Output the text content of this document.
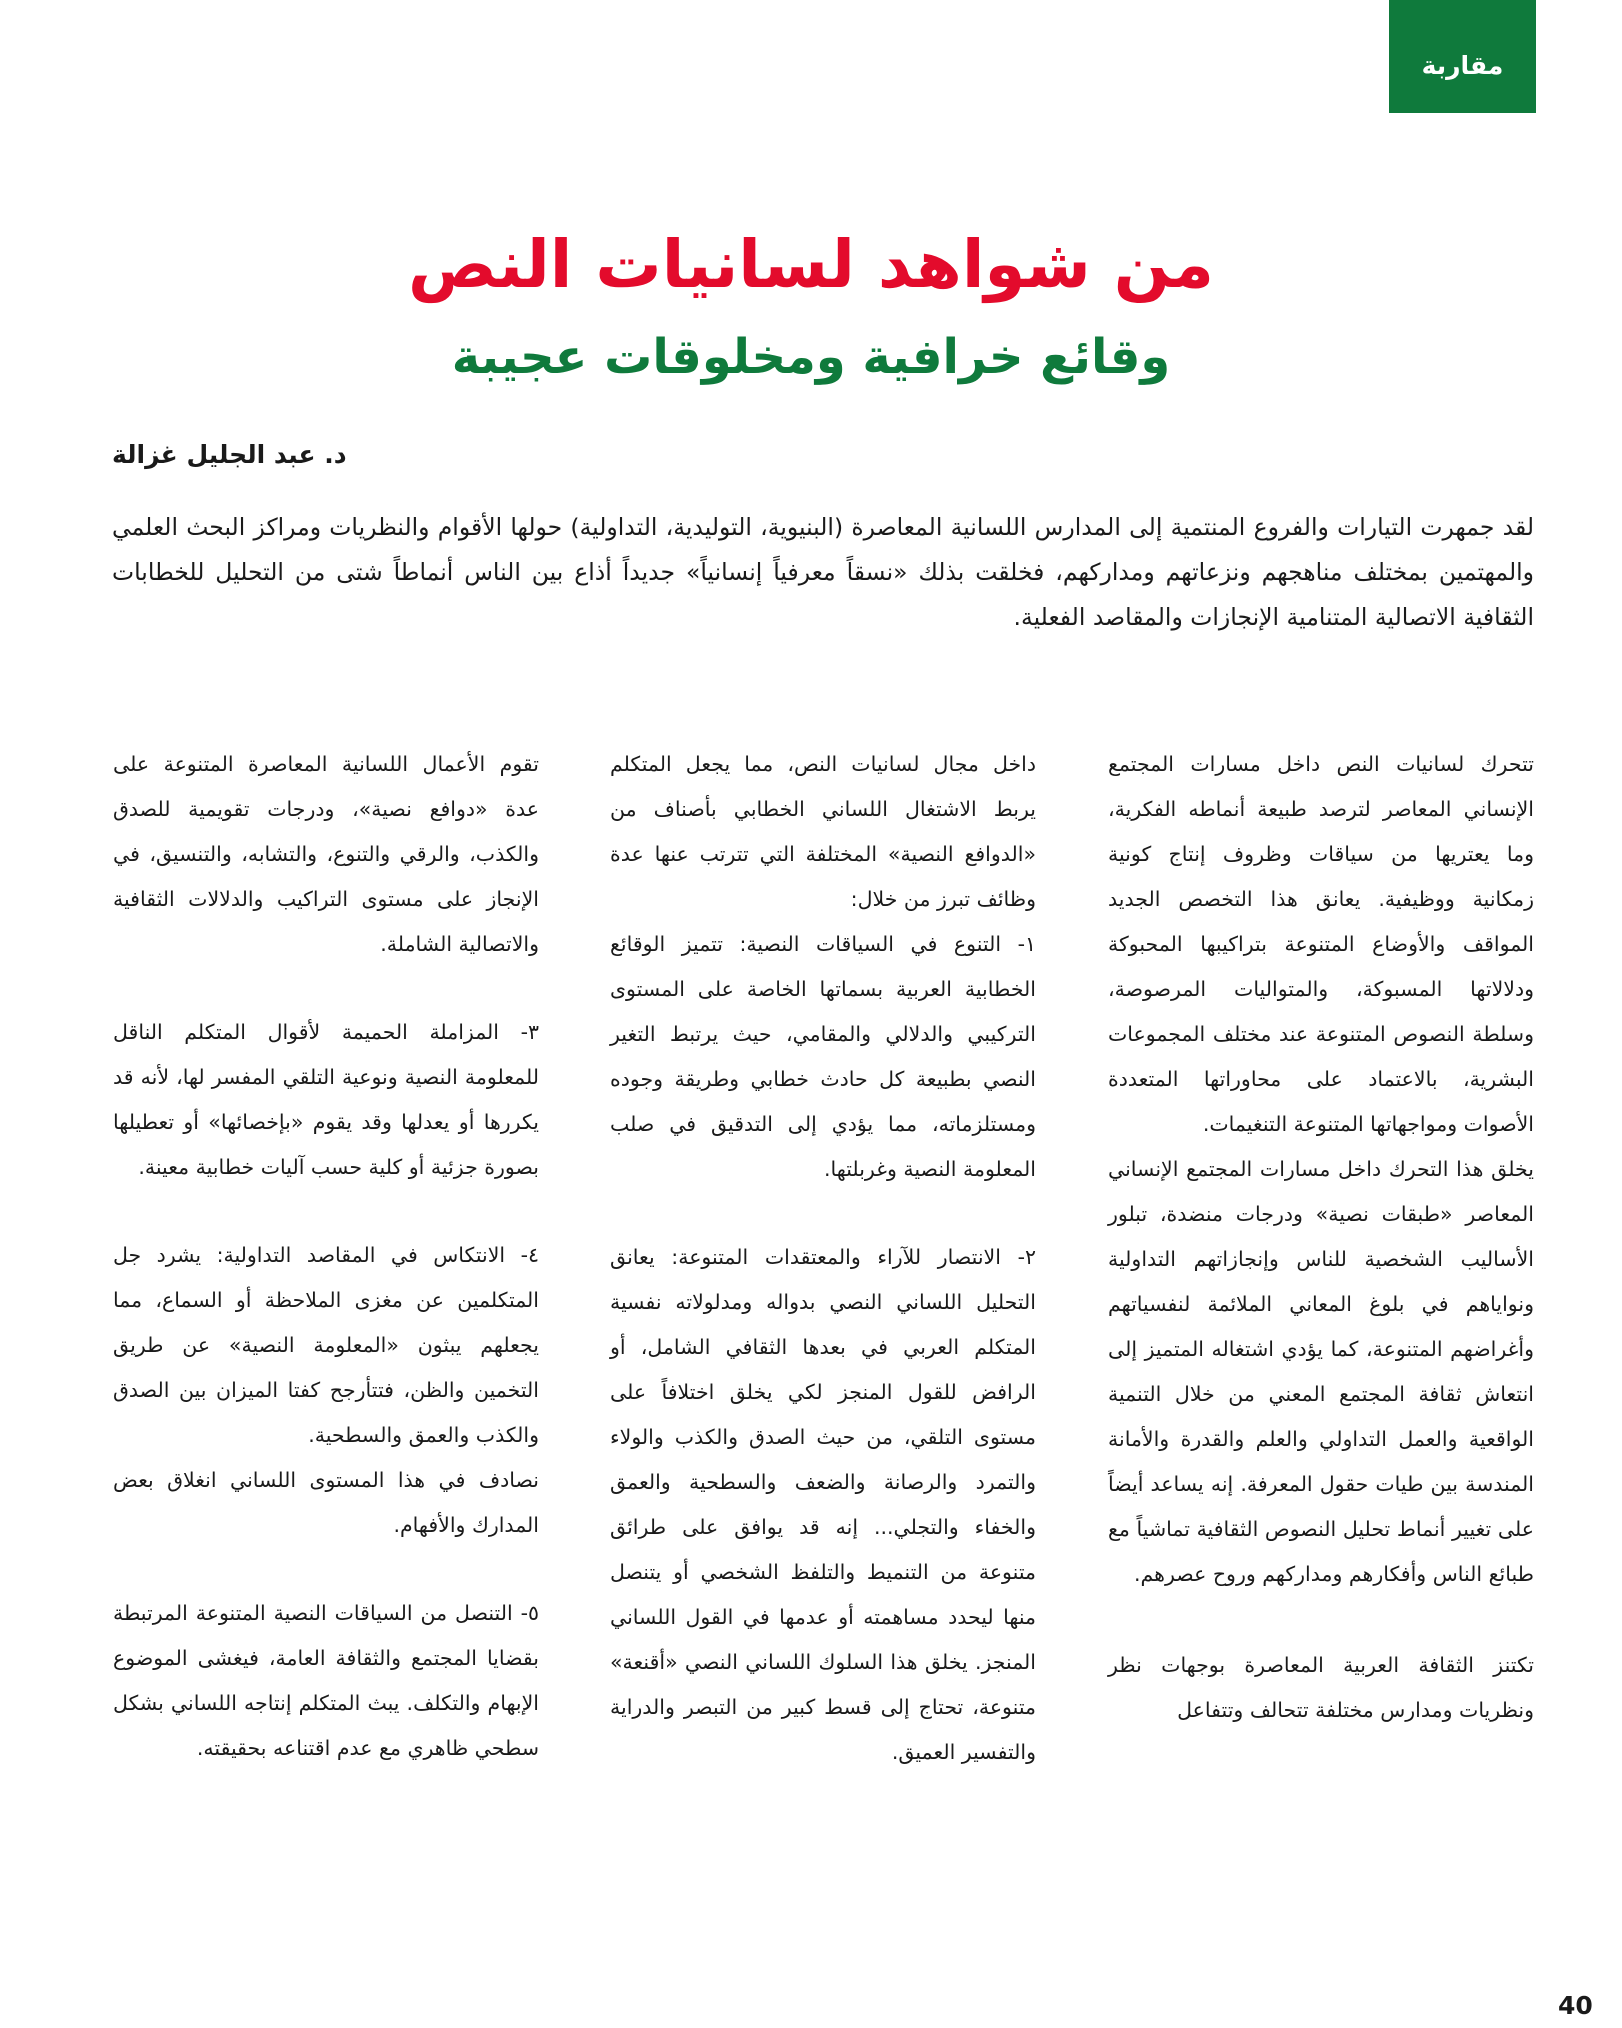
مقاربة
من شواهد لسانيات النص
وقائع خرافية ومخلوقات عجيبة
د. عبد الجليل غزالة

لقد جمهرت التيارات والفروع المنتمية إلى المدارس اللسانية المعاصرة (البنيوية، التوليدية، التداولية) حولها الأقوام والنظريات ومراكز البحث العلمي والمهتمين بمختلف مناهجهم ونزعاتهم ومداركهم، فخلقت بذلك «نسقاً معرفياً إنسانياً» جديداً أذاع بين الناس أنماطاً شتى من التحليل للخطابات الثقافية الاتصالية المتنامية الإنجازات والمقاصد الفعلية.

تتحرك لسانيات النص داخل مسارات المجتمع الإنساني المعاصر لترصد طبيعة أنماطه الفكرية، وما يعتريها من سياقات وظروف إنتاج كونية زمكانية ووظيفية. يعانق هذا التخصص الجديد المواقف والأوضاع المتنوعة بتراكيبها المحبوكة ودلالاتها المسبوكة، والمتواليات المرصوصة، وسلطة النصوص المتنوعة عند مختلف المجموعات البشرية، بالاعتماد على محاوراتها المتعددة الأصوات ومواجهاتها المتنوعة التنغيمات.

يخلق هذا التحرك داخل مسارات المجتمع الإنساني المعاصر «طبقات نصية» ودرجات منضدة، تبلور الأساليب الشخصية للناس وإنجازاتهم التداولية ونواياهم في بلوغ المعاني الملائمة لنفسياتهم وأغراضهم المتنوعة، كما يؤدي اشتغاله المتميز إلى انتعاش ثقافة المجتمع المعني من خلال التنمية الواقعية والعمل التداولي والعلم والقدرة والأمانة المندسة بين طيات حقول المعرفة. إنه يساعد أيضاً على تغيير أنماط تحليل النصوص الثقافية تماشياً مع طبائع الناس وأفكارهم ومداركهم وروح عصرهم.

تكتنز الثقافة العربية المعاصرة بوجهات نظر ونظريات ومدارس مختلفة تتحالف وتتفاعل

داخل مجال لسانيات النص، مما يجعل المتكلم يربط الاشتغال اللساني الخطابي بأصناف من «الدوافع النصية» المختلفة التي تترتب عنها عدة وظائف تبرز من خلال:

١- التنوع في السياقات النصية: تتميز الوقائع الخطابية العربية بسماتها الخاصة على المستوى التركيبي والدلالي والمقامي، حيث يرتبط التغير النصي بطبيعة كل حادث خطابي وطريقة وجوده ومستلزماته، مما يؤدي إلى التدقيق في صلب المعلومة النصية وغربلتها.

٢- الانتصار للآراء والمعتقدات المتنوعة: يعانق التحليل اللساني النصي بدواله ومدلولاته نفسية المتكلم العربي في بعدها الثقافي الشامل، أو الرافض للقول المنجز لكي يخلق اختلافاً على مستوى التلقي، من حيث الصدق والكذب والولاء والتمرد والرصانة والضعف والسطحية والعمق والخفاء والتجلي... إنه قد يوافق على طرائق متنوعة من التنميط والتلفظ الشخصي أو يتنصل منها ليحدد مساهمته أو عدمها في القول اللساني المنجز. يخلق هذا السلوك اللساني النصي «أقنعة» متنوعة، تحتاج إلى قسط كبير من التبصر والدراية والتفسير العميق.

تقوم الأعمال اللسانية المعاصرة المتنوعة على عدة «دوافع نصية»، ودرجات تقويمية للصدق والكذب، والرقي والتنوع، والتشابه، والتنسيق، في الإنجاز على مستوى التراكيب والدلالات الثقافية والاتصالية الشاملة.

٣- المزاملة الحميمة لأقوال المتكلم الناقل للمعلومة النصية ونوعية التلقي المفسر لها، لأنه قد يكررها أو يعدلها وقد يقوم «بإخصائها» أو تعطيلها بصورة جزئية أو كلية حسب آليات خطابية معينة.

٤- الانتكاس في المقاصد التداولية: يشرد جل المتكلمين عن مغزى الملاحظة أو السماع، مما يجعلهم يبثون «المعلومة النصية» عن طريق التخمين والظن، فتتأرجح كفتا الميزان بين الصدق والكذب والعمق والسطحية.

نصادف في هذا المستوى اللساني انغلاق بعض المدارك والأفهام.

٥- التنصل من السياقات النصية المتنوعة المرتبطة بقضايا المجتمع والثقافة العامة، فيغشى الموضوع الإبهام والتكلف. يبث المتكلم إنتاجه اللساني بشكل سطحي ظاهري مع عدم اقتناعه بحقيقته.

40
